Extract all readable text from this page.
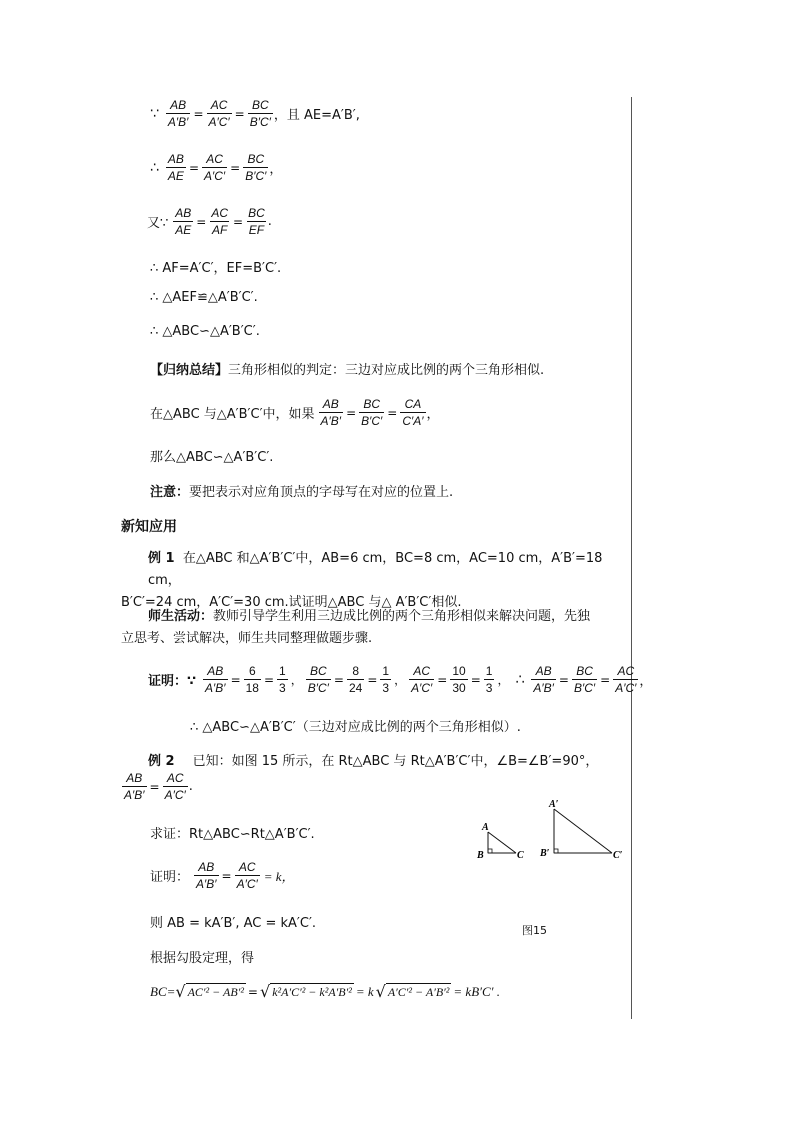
∵ $\frac{AB}{A'B'} = \frac{AC}{A'C'} = \frac{BC}{B'C'}$ ，且 AE=A′B′,
∴ $\frac{AB}{AE} = \frac{AC}{A'C'} = \frac{BC}{B'C'}$ ，
又∵ $\frac{AB}{AE} = \frac{AC}{AF} = \frac{BC}{EF}$ .
∴ AF=A′C′，EF=B′C′.
∴ △AEF≌△A′B′C′.
∴ △ABC∽△A′B′C′.
【归纳总结】 三角形相似的判定：三边对应成比例的两个三角形相似.
在△ABC 与△A′B′C′中，如果 $\frac{AB}{A'B'} = \frac{BC}{B'C'} = \frac{CA}{C'A'}$ ，
那么△ABC∽△A′B′C′.
注意： 要把表示对应角顶点的字母写在对应的位置上.
新知应用
例 1 在△ABC 和△A′B′C′中，AB=6 cm，BC=8 cm，AC=10 cm，A′B′=18 cm，
B′C′=24 cm，A′C′=30 cm.试证明△ABC 与△ A′B′C′相似.
师生活动：教师引导学生利用三边成比例的两个三角形相似来解决问题，先独
立思考、尝试解决，师生共同整理做题步骤.
证明：∵ $\frac{AB}{A'B'} = \frac{6}{18} = \frac{1}{3}$ ， $\frac{BC}{B'C'} = \frac{8}{24} = \frac{1}{3}$ ， $\frac{AC}{A'C'} = \frac{10}{30} = \frac{1}{3}$ ， ∴ $\frac{AB}{A'B'} = \frac{BC}{B'C'} = \frac{AC}{A'C'}$ ，
∴ △ABC∽△A′B′C′（三边对应成比例的两个三角形相似）.
例 2 已知：如图 15 所示，在 Rt△ABC 与 Rt△A′B′C′中，∠B=∠B′=90°，
$\frac{AB}{A'B'} = \frac{AC}{A'C'}$ .
求证：Rt△ABC∽Rt△A′B′C′.
证明： $\frac{AB}{A'B'} = \frac{AC}{A'C'} = k$，
则 AB = kA′B′, AC = kA′C′.
根据勾股定理，得
BC= √ AC′² − AB′² = √ k²A′C′² − k²A′B′² = k √ A′C′² − A′B′² = kB′C′ .
A
B	C
A′
B′	C′
图15
